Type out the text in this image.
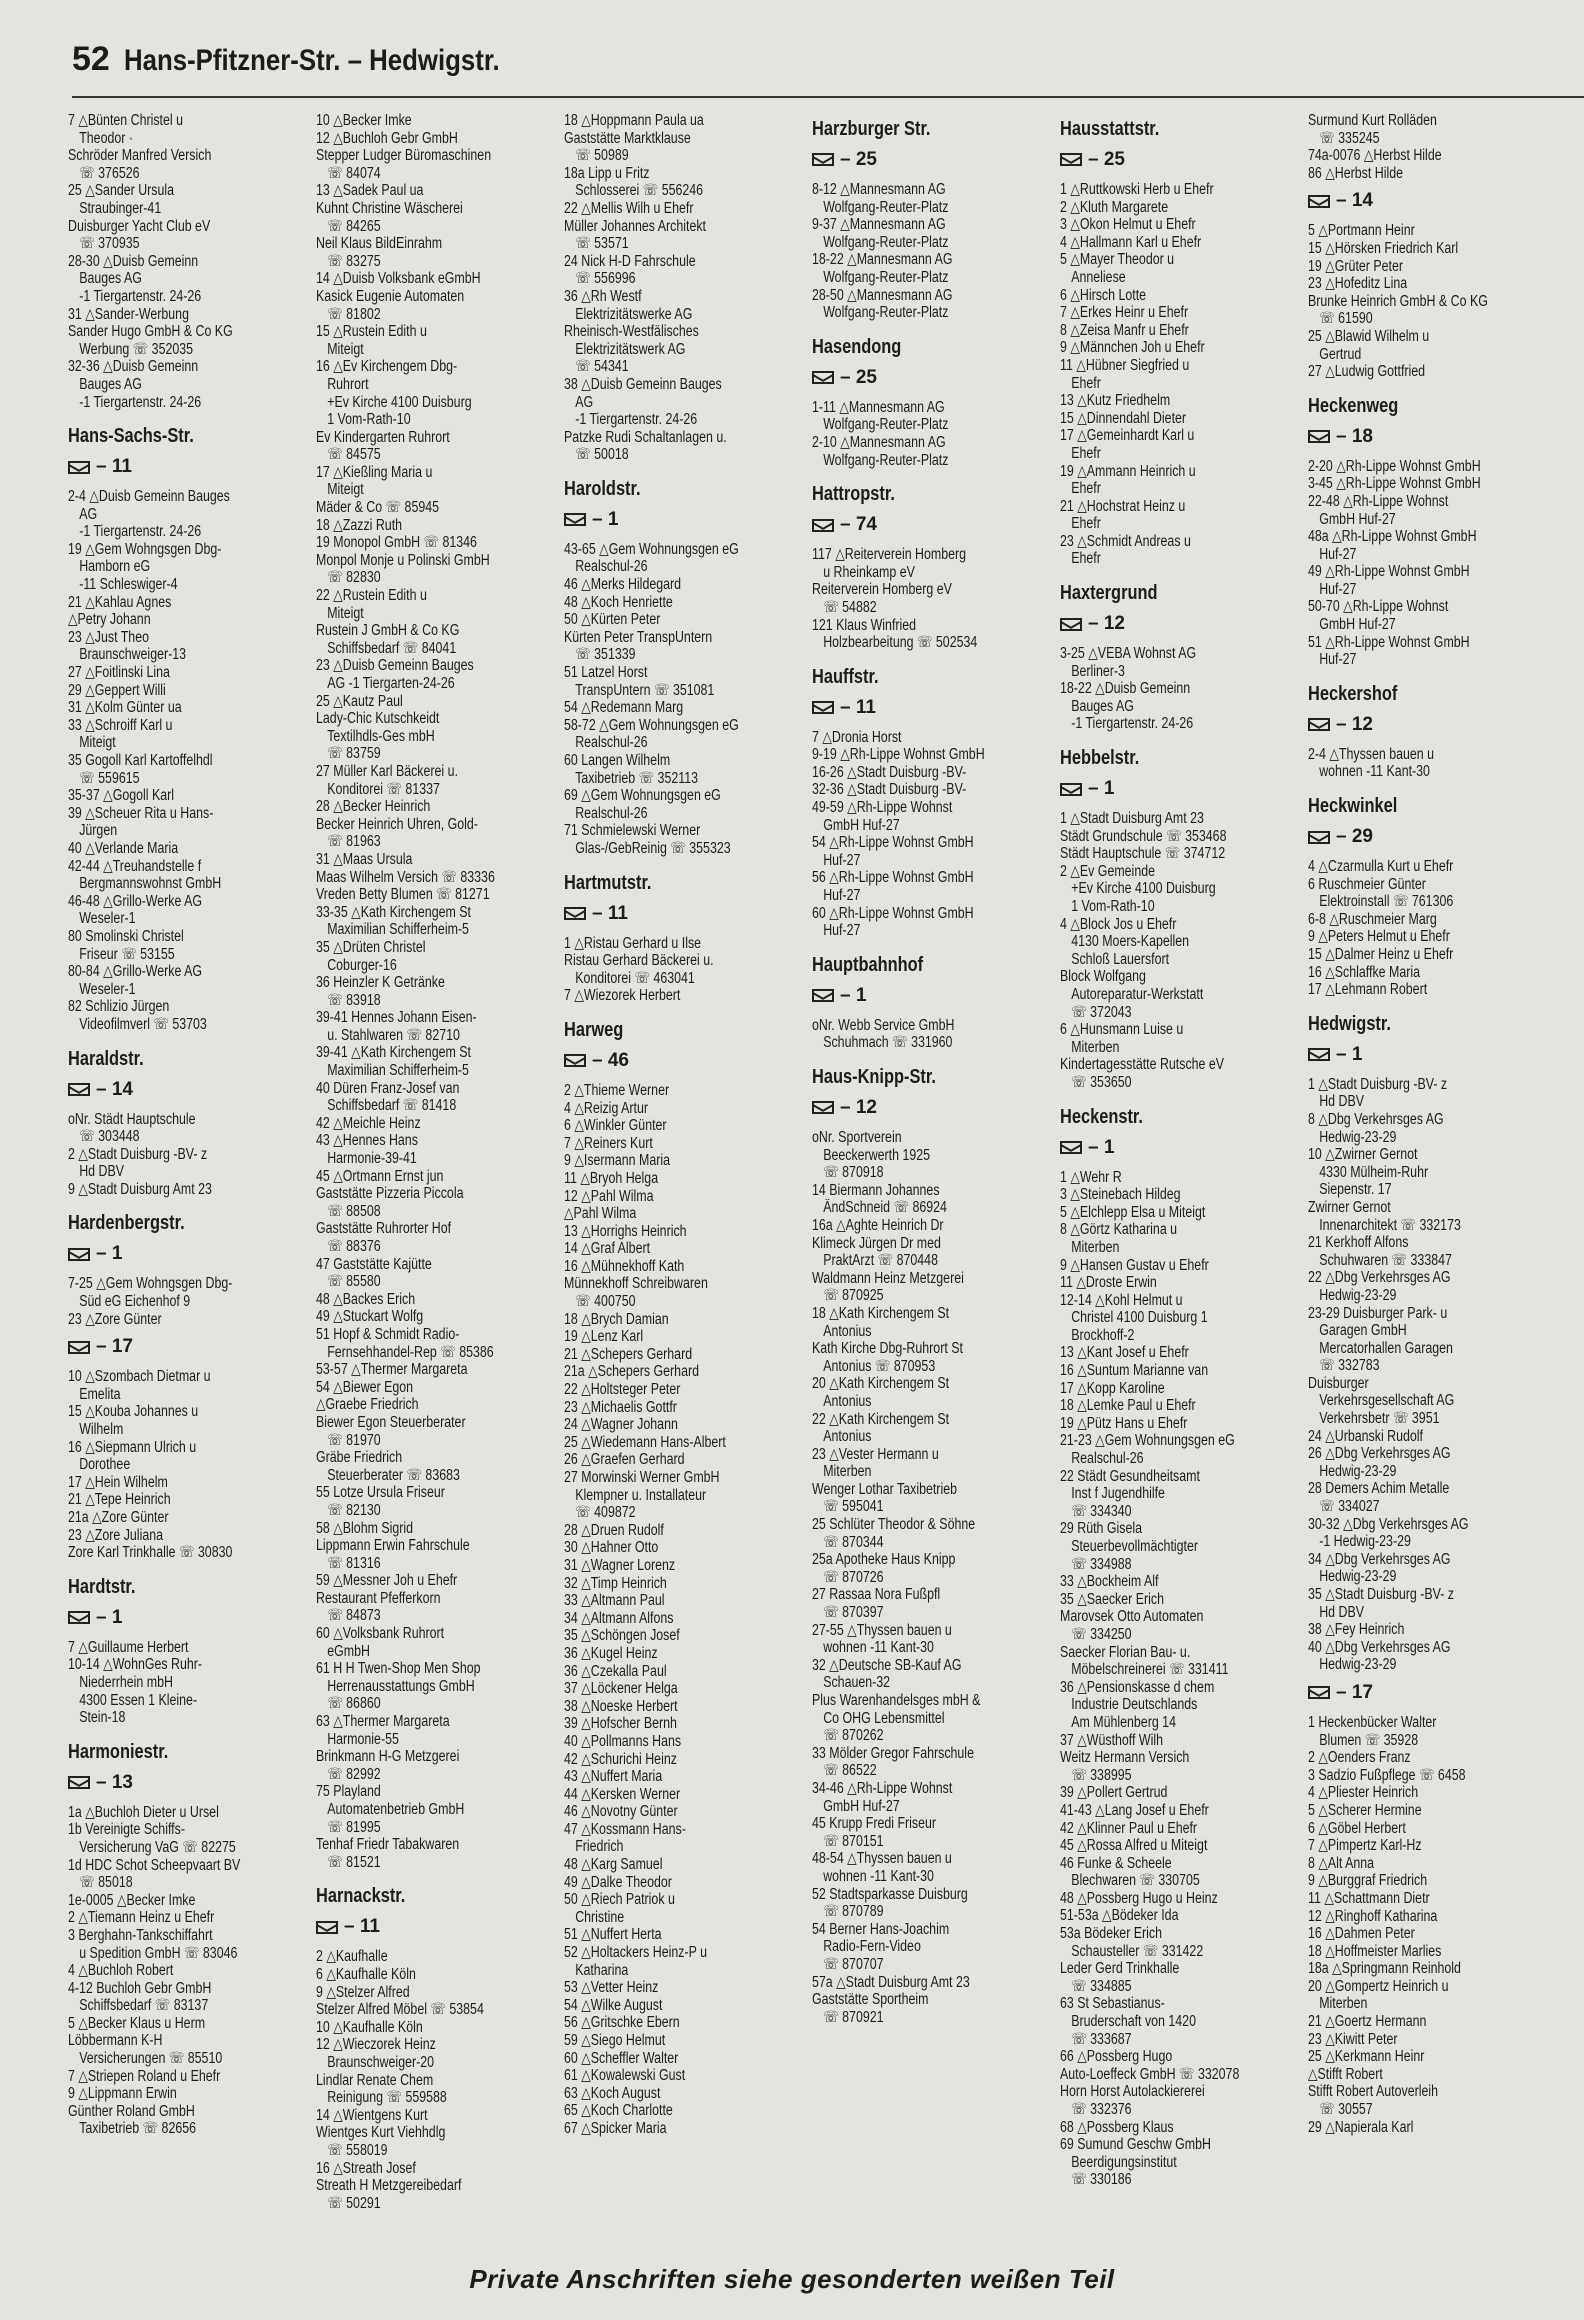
52 Hans-Pfitzner-Str. – Hedwigstr.
7 △Bünten Christel u
Theodor ·
Schröder Manfred Versich
☏ 376526
25 △Sander Ursula
Straubinger-41
Duisburger Yacht Club eV
☏ 370935
28-30 △Duisb Gemeinn
Bauges AG
-1 Tiergartenstr. 24-26
31 △Sander-Werbung
Sander Hugo GmbH & Co KG
Werbung ☏ 352035
32-36 △Duisb Gemeinn
Bauges AG
-1 Tiergartenstr. 24-26
Hans-Sachs-Str.
– 11
2-4 △Duisb Gemeinn Bauges
AG
-1 Tiergartenstr. 24-26
19 △Gem Wohngsgen Dbg-
Hamborn eG
-11 Schleswiger-4
21 △Kahlau Agnes
△Petry Johann
23 △Just Theo
Braunschweiger-13
27 △Foitlinski Lina
29 △Geppert Willi
31 △Kolm Günter ua
33 △Schroiff Karl u
Miteigt
35 Gogoll Karl Kartoffelhdl
☏ 559615
35-37 △Gogoll Karl
39 △Scheuer Rita u Hans-
Jürgen
40 △Verlande Maria
42-44 △Treuhandstelle f
Bergmannswohnst GmbH
46-48 △Grillo-Werke AG
Weseler-1
80 Smolinski Christel
Friseur ☏ 53155
80-84 △Grillo-Werke AG
Weseler-1
82 Schlizio Jürgen
Videofilmverl ☏ 53703
Haraldstr.
– 14
oNr. Städt Hauptschule
☏ 303448
2 △Stadt Duisburg -BV- z
Hd DBV
9 △Stadt Duisburg Amt 23
Hardenbergstr.
– 1
7-25 △Gem Wohngsgen Dbg-
Süd eG Eichenhof 9
23 △Zore Günter
– 17
10 △Szombach Dietmar u
Emelita
15 △Kouba Johannes u
Wilhelm
16 △Siepmann Ulrich u
Dorothee
17 △Hein Wilhelm
21 △Tepe Heinrich
21a △Zore Günter
23 △Zore Juliana
Zore Karl Trinkhalle ☏ 30830
Hardtstr.
– 1
7 △Guillaume Herbert
10-14 △WohnGes Ruhr-
Niederrhein mbH
4300 Essen 1 Kleine-
Stein-18
Harmoniestr.
– 13
1a △Buchloh Dieter u Ursel
1b Vereinigte Schiffs-
Versicherung VaG ☏ 82275
1d HDC Schot Scheepvaart BV
☏ 85018
1e-0005 △Becker Imke
2 △Tiemann Heinz u Ehefr
3 Berghahn-Tankschiffahrt
u Spedition GmbH ☏ 83046
4 △Buchloh Robert
4-12 Buchloh Gebr GmbH
Schiffsbedarf ☏ 83137
5 △Becker Klaus u Herm
Löbbermann K-H
Versicherungen ☏ 85510
7 △Striepen Roland u Ehefr
9 △Lippmann Erwin
Günther Roland GmbH
Taxibetrieb ☏ 82656
10 △Becker Imke
12 △Buchloh Gebr GmbH
Stepper Ludger Büromaschinen
☏ 84074
13 △Sadek Paul ua
Kuhnt Christine Wäscherei
☏ 84265
Neil Klaus BildEinrahm
☏ 83275
14 △Duisb Volksbank eGmbH
Kasick Eugenie Automaten
☏ 81802
15 △Rustein Edith u
Miteigt
16 △Ev Kirchengem Dbg-
Ruhrort
+Ev Kirche 4100 Duisburg
1 Vom-Rath-10
Ev Kindergarten Ruhrort
☏ 84575
17 △Kießling Maria u
Miteigt
Mäder & Co ☏ 85945
18 △Zazzi Ruth
19 Monopol GmbH ☏ 81346
Monpol Monje u Polinski GmbH
☏ 82830
22 △Rustein Edith u
Miteigt
Rustein J GmbH & Co KG
Schiffsbedarf ☏ 84041
23 △Duisb Gemeinn Bauges
AG -1 Tiergarten-24-26
25 △Kautz Paul
Lady-Chic Kutschkeidt
Textilhdls-Ges mbH
☏ 83759
27 Müller Karl Bäckerei u.
Konditorei ☏ 81337
28 △Becker Heinrich
Becker Heinrich Uhren, Gold-
☏ 81963
31 △Maas Ursula
Maas Wilhelm Versich ☏ 83336
Vreden Betty Blumen ☏ 81271
33-35 △Kath Kirchengem St
Maximilian Schifferheim-5
35 △Drüten Christel
Coburger-16
36 Heinzler K Getränke
☏ 83918
39-41 Hennes Johann Eisen-
u. Stahlwaren ☏ 82710
39-41 △Kath Kirchengem St
Maximilian Schifferheim-5
40 Düren Franz-Josef van
Schiffsbedarf ☏ 81418
42 △Meichle Heinz
43 △Hennes Hans
Harmonie-39-41
45 △Ortmann Ernst jun
Gaststätte Pizzeria Piccola
☏ 88508
Gaststätte Ruhrorter Hof
☏ 88376
47 Gaststätte Kajütte
☏ 85580
48 △Backes Erich
49 △Stuckart Wolfg
51 Hopf & Schmidt Radio-
Fernsehhandel-Rep ☏ 85386
53-57 △Thermer Margareta
54 △Biewer Egon
△Graebe Friedrich
Biewer Egon Steuerberater
☏ 81970
Gräbe Friedrich
Steuerberater ☏ 83683
55 Lotze Ursula Friseur
☏ 82130
58 △Blohm Sigrid
Lippmann Erwin Fahrschule
☏ 81316
59 △Messner Joh u Ehefr
Restaurant Pfefferkorn
☏ 84873
60 △Volksbank Ruhrort
eGmbH
61 H H Twen-Shop Men Shop
Herrenausstattungs GmbH
☏ 86860
63 △Thermer Margareta
Harmonie-55
Brinkmann H-G Metzgerei
☏ 82992
75 Playland
Automatenbetrieb GmbH
☏ 81995
Tenhaf Friedr Tabakwaren
☏ 81521
Harnackstr.
– 11
2 △Kaufhalle
6 △Kaufhalle Köln
9 △Stelzer Alfred
Stelzer Alfred Möbel ☏ 53854
10 △Kaufhalle Köln
12 △Wieczorek Heinz
Braunschweiger-20
Lindlar Renate Chem
Reinigung ☏ 559588
14 △Wientgens Kurt
Wientges Kurt Viehhdlg
☏ 558019
16 △Streath Josef
Streath H Metzgereibedarf
☏ 50291
18 △Hoppmann Paula ua
Gaststätte Marktklause
☏ 50989
18a Lipp u Fritz
Schlosserei ☏ 556246
22 △Mellis Wilh u Ehefr
Müller Johannes Architekt
☏ 53571
24 Nick H-D Fahrschule
☏ 556996
36 △Rh Westf
Elektrizitätswerke AG
Rheinisch-Westfälisches
Elektrizitätswerk AG
☏ 54341
38 △Duisb Gemeinn Bauges
AG
-1 Tiergartenstr. 24-26
Patzke Rudi Schaltanlagen u.
☏ 50018
Haroldstr.
– 1
43-65 △Gem Wohnungsgen eG
Realschul-26
46 △Merks Hildegard
48 △Koch Henriette
50 △Kürten Peter
Kürten Peter TranspUntern
☏ 351339
51 Latzel Horst
TranspUntern ☏ 351081
54 △Redemann Marg
58-72 △Gem Wohnungsgen eG
Realschul-26
60 Langen Wilhelm
Taxibetrieb ☏ 352113
69 △Gem Wohnungsgen eG
Realschul-26
71 Schmielewski Werner
Glas-/GebReinig ☏ 355323
Hartmutstr.
– 11
1 △Ristau Gerhard u Ilse
Ristau Gerhard Bäckerei u.
Konditorei ☏ 463041
7 △Wiezorek Herbert
Harweg
– 46
2 △Thieme Werner
4 △Reizig Artur
6 △Winkler Günter
7 △Reiners Kurt
9 △Isermann Maria
11 △Bryoh Helga
12 △Pahl Wilma
△Pahl Wilma
13 △Horrighs Heinrich
14 △Graf Albert
16 △Mühnekhoff Kath
Münnekhoff Schreibwaren
☏ 400750
18 △Brych Damian
19 △Lenz Karl
21 △Schepers Gerhard
21a △Schepers Gerhard
22 △Holtsteger Peter
23 △Michaelis Gottfr
24 △Wagner Johann
25 △Wiedemann Hans-Albert
26 △Graefen Gerhard
27 Morwinski Werner GmbH
Klempner u. Installateur
☏ 409872
28 △Druen Rudolf
30 △Hahner Otto
31 △Wagner Lorenz
32 △Timp Heinrich
33 △Altmann Paul
34 △Altmann Alfons
35 △Schöngen Josef
36 △Kugel Heinz
36 △Czekalla Paul
37 △Löckener Helga
38 △Noeske Herbert
39 △Hofscher Bernh
40 △Pollmanns Hans
42 △Schurichi Heinz
43 △Nuffert Maria
44 △Kersken Werner
46 △Novotny Günter
47 △Kossmann Hans-
Friedrich
48 △Karg Samuel
49 △Dalke Theodor
50 △Riech Patriok u
Christine
51 △Nuffert Herta
52 △Holtackers Heinz-P u
Katharina
53 △Vetter Heinz
54 △Wilke August
56 △Gritschke Ebern
59 △Siego Helmut
60 △Scheffler Walter
61 △Kowalewski Gust
63 △Koch August
65 △Koch Charlotte
67 △Spicker Maria
Harzburger Str.
– 25
8-12 △Mannesmann AG
Wolfgang-Reuter-Platz
9-37 △Mannesmann AG
Wolfgang-Reuter-Platz
18-22 △Mannesmann AG
Wolfgang-Reuter-Platz
28-50 △Mannesmann AG
Wolfgang-Reuter-Platz
Hasendong
– 25
1-11 △Mannesmann AG
Wolfgang-Reuter-Platz
2-10 △Mannesmann AG
Wolfgang-Reuter-Platz
Hattropstr.
– 74
117 △Reiterverein Homberg
u Rheinkamp eV
Reiterverein Homberg eV
☏ 54882
121 Klaus Winfried
Holzbearbeitung ☏ 502534
Hauffstr.
– 11
7 △Dronia Horst
9-19 △Rh-Lippe Wohnst GmbH
16-26 △Stadt Duisburg -BV-
32-36 △Stadt Duisburg -BV-
49-59 △Rh-Lippe Wohnst
GmbH Huf-27
54 △Rh-Lippe Wohnst GmbH
Huf-27
56 △Rh-Lippe Wohnst GmbH
Huf-27
60 △Rh-Lippe Wohnst GmbH
Huf-27
Hauptbahnhof
– 1
oNr. Webb Service GmbH
Schuhmach ☏ 331960
Haus-Knipp-Str.
– 12
oNr. Sportverein
Beeckerwerth 1925
☏ 870918
14 Biermann Johannes
ÄndSchneid ☏ 86924
16a △Aghte Heinrich Dr
Klimeck Jürgen Dr med
PraktArzt ☏ 870448
Waldmann Heinz Metzgerei
☏ 870925
18 △Kath Kirchengem St
Antonius
Kath Kirche Dbg-Ruhrort St
Antonius ☏ 870953
20 △Kath Kirchengem St
Antonius
22 △Kath Kirchengem St
Antonius
23 △Vester Hermann u
Miterben
Wenger Lothar Taxibetrieb
☏ 595041
25 Schlüter Theodor & Söhne
☏ 870344
25a Apotheke Haus Knipp
☏ 870726
27 Rassaa Nora Fußpfl
☏ 870397
27-55 △Thyssen bauen u
wohnen -11 Kant-30
32 △Deutsche SB-Kauf AG
Schauen-32
Plus Warenhandelsges mbH &
Co OHG Lebensmittel
☏ 870262
33 Mölder Gregor Fahrschule
☏ 86522
34-46 △Rh-Lippe Wohnst
GmbH Huf-27
45 Krupp Fredi Friseur
☏ 870151
48-54 △Thyssen bauen u
wohnen -11 Kant-30
52 Stadtsparkasse Duisburg
☏ 870789
54 Berner Hans-Joachim
Radio-Fern-Video
☏ 870707
57a △Stadt Duisburg Amt 23
Gaststätte Sportheim
☏ 870921
Hausstattstr.
– 25
1 △Ruttkowski Herb u Ehefr
2 △Kluth Margarete
3 △Okon Helmut u Ehefr
4 △Hallmann Karl u Ehefr
5 △Mayer Theodor u
Anneliese
6 △Hirsch Lotte
7 △Erkes Heinr u Ehefr
8 △Zeisa Manfr u Ehefr
9 △Männchen Joh u Ehefr
11 △Hübner Siegfried u
Ehefr
13 △Kutz Friedhelm
15 △Dinnendahl Dieter
17 △Gemeinhardt Karl u
Ehefr
19 △Ammann Heinrich u
Ehefr
21 △Hochstrat Heinz u
Ehefr
23 △Schmidt Andreas u
Ehefr
Haxtergrund
– 12
3-25 △VEBA Wohnst AG
Berliner-3
18-22 △Duisb Gemeinn
Bauges AG
-1 Tiergartenstr. 24-26
Hebbelstr.
– 1
1 △Stadt Duisburg Amt 23
Städt Grundschule ☏ 353468
Städt Hauptschule ☏ 374712
2 △Ev Gemeinde
+Ev Kirche 4100 Duisburg
1 Vom-Rath-10
4 △Block Jos u Ehefr
4130 Moers-Kapellen
Schloß Lauersfort
Block Wolfgang
Autoreparatur-Werkstatt
☏ 372043
6 △Hunsmann Luise u
Miterben
Kindertagesstätte Rutsche eV
☏ 353650
Heckenstr.
– 1
1 △Wehr R
3 △Steinebach Hildeg
5 △Elchlepp Elsa u Miteigt
8 △Görtz Katharina u
Miterben
9 △Hansen Gustav u Ehefr
11 △Droste Erwin
12-14 △Kohl Helmut u
Christel 4100 Duisburg 1
Brockhoff-2
13 △Kant Josef u Ehefr
16 △Suntum Marianne van
17 △Kopp Karoline
18 △Lemke Paul u Ehefr
19 △Pütz Hans u Ehefr
21-23 △Gem Wohnungsgen eG
Realschul-26
22 Städt Gesundheitsamt
Inst f Jugendhilfe
☏ 334340
29 Rüth Gisela
Steuerbevollmächtigter
☏ 334988
33 △Bockheim Alf
35 △Saecker Erich
Marovsek Otto Automaten
☏ 334250
Saecker Florian Bau- u.
Möbelschreinerei ☏ 331411
36 △Pensionskasse d chem
Industrie Deutschlands
Am Mühlenberg 14
37 △Wüsthoff Wilh
Weitz Hermann Versich
☏ 338995
39 △Pollert Gertrud
41-43 △Lang Josef u Ehefr
42 △Klinner Paul u Ehefr
45 △Rossa Alfred u Miteigt
46 Funke & Scheele
Blechwaren ☏ 330705
48 △Possberg Hugo u Heinz
51-53a △Bödeker Ida
53a Bödeker Erich
Schausteller ☏ 331422
Leder Gerd Trinkhalle
☏ 334885
63 St Sebastianus-
Bruderschaft von 1420
☏ 333687
66 △Possberg Hugo
Auto-Loeffeck GmbH ☏ 332078
Horn Horst Autolackiererei
☏ 332376
68 △Possberg Klaus
69 Sumund Geschw GmbH
Beerdigungsinstitut
☏ 330186
Surmund Kurt Rolläden
☏ 335245
74a-0076 △Herbst Hilde
86 △Herbst Hilde
– 14
5 △Portmann Heinr
15 △Hörsken Friedrich Karl
19 △Grüter Peter
23 △Hofeditz Lina
Brunke Heinrich GmbH & Co KG
☏ 61590
25 △Blawid Wilhelm u
Gertrud
27 △Ludwig Gottfried
Heckenweg
– 18
2-20 △Rh-Lippe Wohnst GmbH
3-45 △Rh-Lippe Wohnst GmbH
22-48 △Rh-Lippe Wohnst
GmbH Huf-27
48a △Rh-Lippe Wohnst GmbH
Huf-27
49 △Rh-Lippe Wohnst GmbH
Huf-27
50-70 △Rh-Lippe Wohnst
GmbH Huf-27
51 △Rh-Lippe Wohnst GmbH
Huf-27
Heckershof
– 12
2-4 △Thyssen bauen u
wohnen -11 Kant-30
Heckwinkel
– 29
4 △Czarmulla Kurt u Ehefr
6 Ruschmeier Günter
Elektroinstall ☏ 761306
6-8 △Ruschmeier Marg
9 △Peters Helmut u Ehefr
15 △Dalmer Heinz u Ehefr
16 △Schlaffke Maria
17 △Lehmann Robert
Hedwigstr.
– 1
1 △Stadt Duisburg -BV- z
Hd DBV
8 △Dbg Verkehrsges AG
Hedwig-23-29
10 △Zwirner Gernot
4330 Mülheim-Ruhr
Siepenstr. 17
Zwirner Gernot
Innenarchitekt ☏ 332173
21 Kerkhoff Alfons
Schuhwaren ☏ 333847
22 △Dbg Verkehrsges AG
Hedwig-23-29
23-29 Duisburger Park- u
Garagen GmbH
Mercatorhallen Garagen
☏ 332783
Duisburger
Verkehrsgesellschaft AG
Verkehrsbetr ☏ 3951
24 △Urbanski Rudolf
26 △Dbg Verkehrsges AG
Hedwig-23-29
28 Demers Achim Metalle
☏ 334027
30-32 △Dbg Verkehrsges AG
-1 Hedwig-23-29
34 △Dbg Verkehrsges AG
Hedwig-23-29
35 △Stadt Duisburg -BV- z
Hd DBV
38 △Fey Heinrich
40 △Dbg Verkehrsges AG
Hedwig-23-29
– 17
1 Heckenbücker Walter
Blumen ☏ 35928
2 △Oenders Franz
3 Sadzio Fußpflege ☏ 6458
4 △Pliester Heinrich
5 △Scherer Hermine
6 △Göbel Herbert
7 △Pimpertz Karl-Hz
8 △Alt Anna
9 △Burggraf Friedrich
11 △Schattmann Dietr
12 △Ringhoff Katharina
16 △Dahmen Peter
18 △Hoffmeister Marlies
18a △Springmann Reinhold
20 △Gompertz Heinrich u
Miterben
21 △Goertz Hermann
23 △Kiwitt Peter
25 △Kerkmann Heinr
△Stifft Robert
Stifft Robert Autoverleih
☏ 30557
29 △Napierala Karl
Private Anschriften siehe gesonderten weißen Teil
